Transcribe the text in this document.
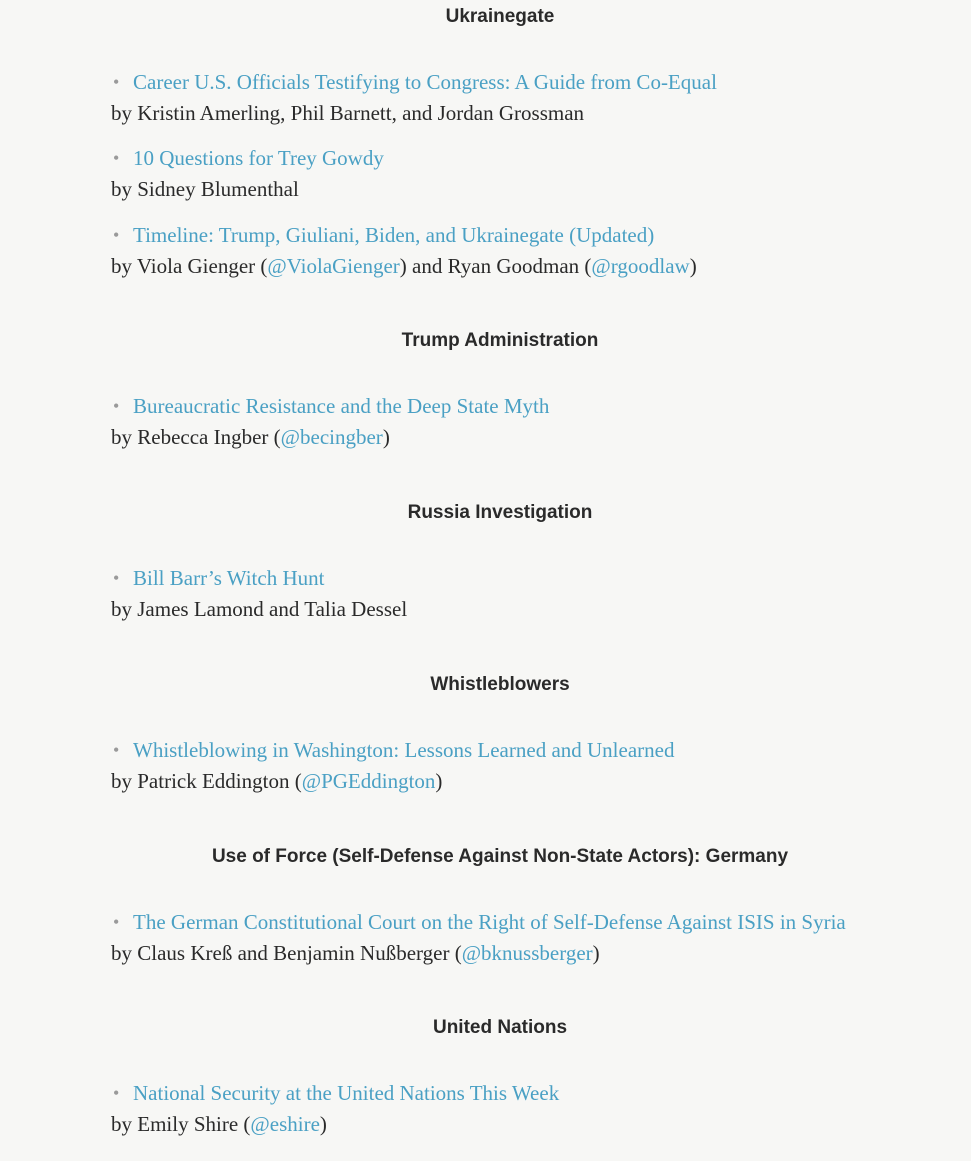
Ukrainegate
• Career U.S. Officials Testifying to Congress: A Guide from Co-Equal
by Kristin Amerling, Phil Barnett, and Jordan Grossman
• 10 Questions for Trey Gowdy
by Sidney Blumenthal
• Timeline: Trump, Giuliani, Biden, and Ukrainegate (Updated)
by Viola Gienger (@ViolaGienger) and Ryan Goodman (@rgoodlaw)
Trump Administration
• Bureaucratic Resistance and the Deep State Myth
by Rebecca Ingber (@becingber)
Russia Investigation
• Bill Barr’s Witch Hunt
by James Lamond and Talia Dessel
Whistleblowers
• Whistleblowing in Washington: Lessons Learned and Unlearned
by Patrick Eddington (@PGEddington)
Use of Force (Self-Defense Against Non-State Actors): Germany
• The German Constitutional Court on the Right of Self-Defense Against ISIS in Syria
by Claus Kreß and Benjamin Nußberger (@bknussberger)
United Nations
• National Security at the United Nations This Week
by Emily Shire (@eshire)
